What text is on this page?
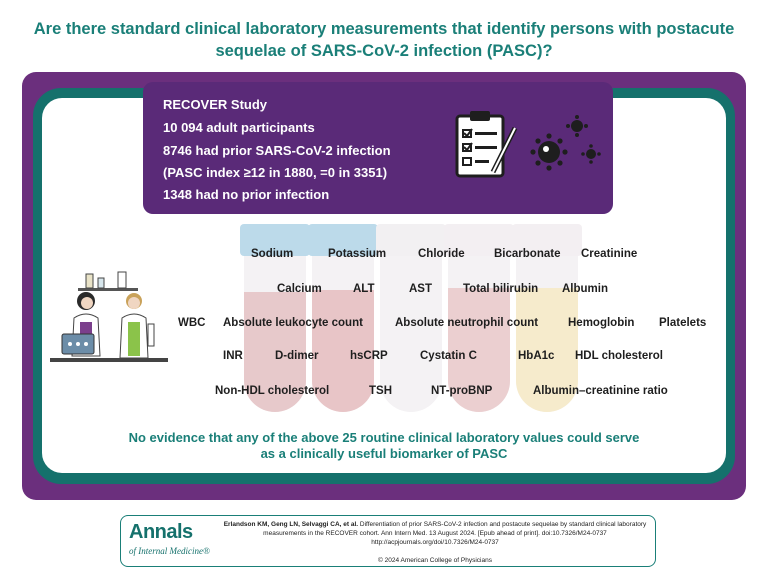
Are there standard clinical laboratory measurements that identify persons with postacute
sequelae of SARS-CoV-2 infection (PASC)?
RECOVER Study
10 094 adult participants
8746 had prior SARS-CoV-2 infection
(PASC index ≥12 in 1880, =0 in 3351)
1348 had no prior infection
Sodium	Potassium	Chloride	Bicarbonate Creatinine
Calcium	ALT	AST	Total bilirubin Albumin
WBC Absolute leukocyte count	Absolute neutrophil count	Hemoglobin Platelets
INR	D-dimer	hsCRP	Cystatin C	HbA1c HDL cholesterol
Non-HDL cholesterol	TSH	NT-proBNP	Albumin–creatinine ratio
No evidence that any of the above 25 routine clinical laboratory values could serve
as a clinically useful biomarker of PASC
Annals
of Internal Medicine®
Erlandson KM, Geng LN, Selvaggi CA, et al. Differentiation of prior SARS-CoV-2 infection and postacute sequelae by standard clinical laboratory measurements in the RECOVER cohort. Ann Intern Med. 13 August 2024. [Epub ahead of print]. doi:10.7326/M24-0737
http://acpjournals.org/doi/10.7326/M24-0737
© 2024 American College of Physicians
